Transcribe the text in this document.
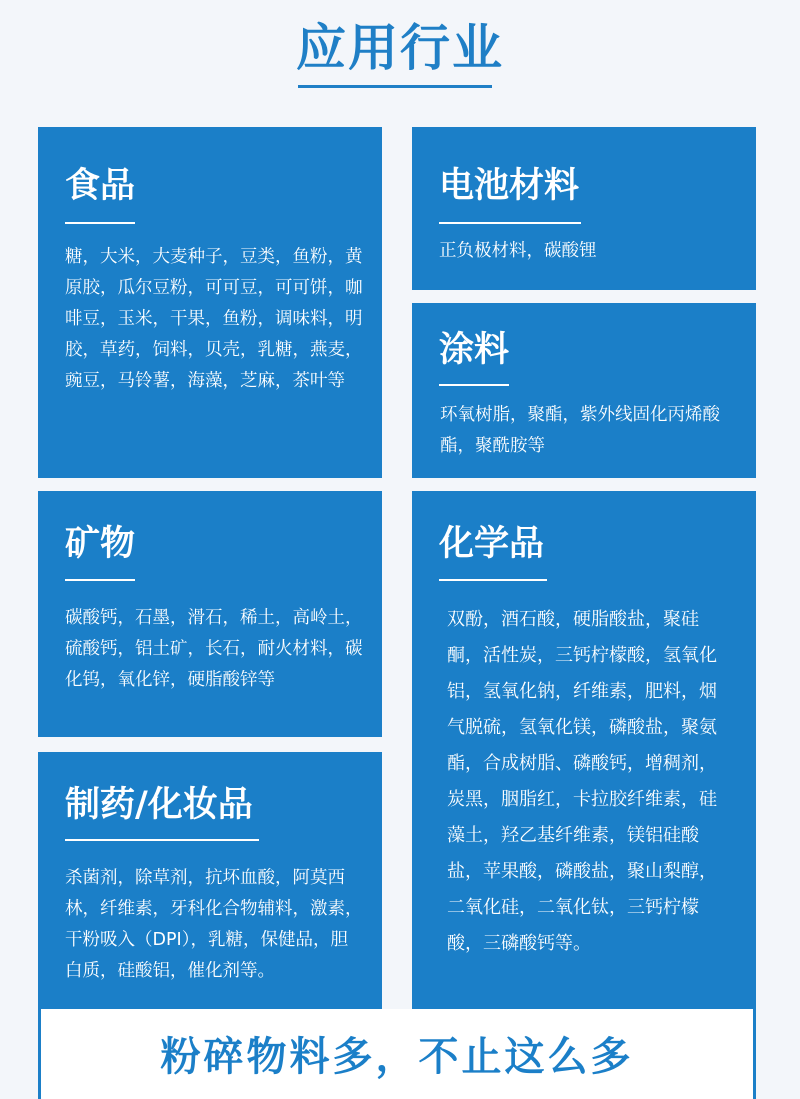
应用行业
食品

糖，大米，大麦种子，豆类，鱼粉，黄原胶，瓜尔豆粉，可可豆，可可饼，咖啡豆，玉米，干果，鱼粉，调味料，明胶，草药，饲料，贝壳，乳糖，燕麦，豌豆，马铃薯，海藻，芝麻，茶叶等

电池材料

正负极材料，碳酸锂

涂料

环氧树脂，聚酯，紫外线固化丙烯酸酯，聚酰胺等

矿物

碳酸钙，石墨，滑石，稀土，高岭土，硫酸钙，铝土矿，长石，耐火材料，碳化钨，氧化锌，硬脂酸锌等

化学品

双酚，酒石酸，硬脂酸盐，聚硅酮，活性炭，三钙柠檬酸，氢氧化铝，氢氧化钠，纤维素，肥料，烟气脱硫，氢氧化镁，磷酸盐，聚氨酯，合成树脂、磷酸钙，增稠剂，炭黑，胭脂红，卡拉胶纤维素，硅藻土，羟乙基纤维素，镁铝硅酸盐，苹果酸，磷酸盐，聚山梨醇，二氧化硅，二氧化钛，三钙柠檬酸，三磷酸钙等。

制药/化妆品

杀菌剂，除草剂，抗坏血酸，阿莫西林，纤维素，牙科化合物辅料，激素，干粉吸入（DPI），乳糖，保健品，胆白质，硅酸铝，催化剂等。

粉碎物料多，不止这么多
